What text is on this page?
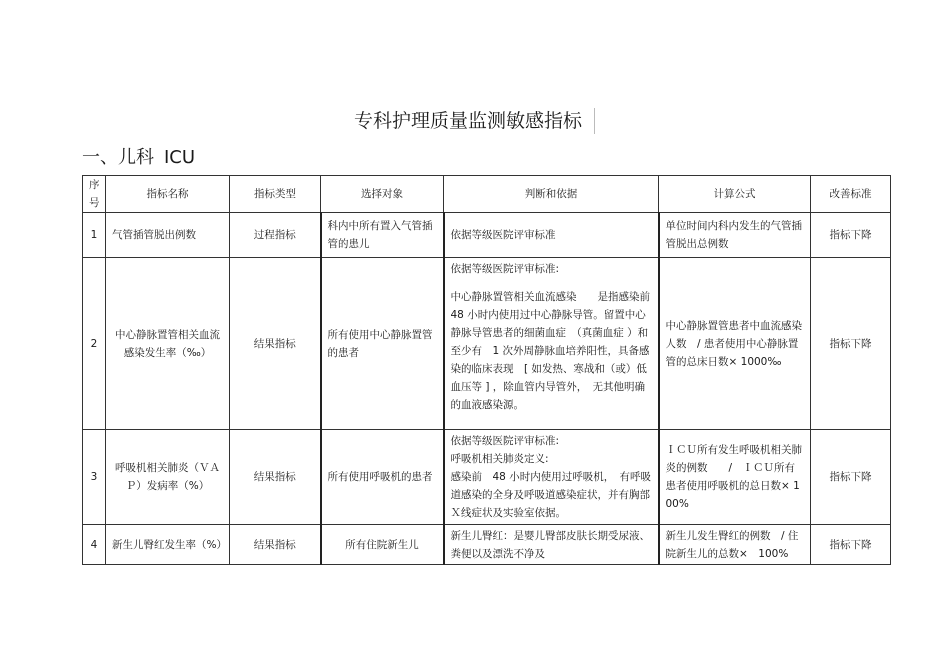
专科护理质量监测敏感指标
一、儿科 ICU
序号	指标名称	指标类型	选择对象	判断和依据	计算公式	改善标准
1	气管插管脱出例数	过程指标	科内中所有置入气管插管的患儿	依据等级医院评审标准	单位时间内科内发生的气管插管脱出总例数	指标下降
2	中心静脉置管相关血流感染发生率（‰）	结果指标	所有使用中心静脉置管的患者	依据等级医院评审标准:

中心静脉置管相关血流感染　　是指感染前 48 小时内使用过中心静脉导管。留置中心静脉导管患者的细菌血症　（真菌血症 ）和至少有　1 次外周静脉血培养阳性，具备感染的临床表现　[ 如发热、寒战和（或）低血压等 ] ，除血管内导管外，　无其他明确的血液感染源。	中心静脉置管患者中血流感染人数　/ 患者使用中心静脉置管的总床日数× 1000‰	指标下降
3	呼吸机相关肺炎（ＶＡＰ）发病率（%）	结果指标	所有使用呼吸机的患者	依据等级医院评审标准:

呼吸机相关肺炎定义:

感染前　48 小时内使用过呼吸机，　有呼吸道感染的全身及呼吸道感染症状，并有胸部Ｘ线症状及实验室依据。	ＩＣＵ所有发生呼吸机相关肺炎的例数　　/　ＩＣＵ所有患者使用呼吸机的总日数× 100%	指标下降
4	新生儿臀红发生率（%）	结果指标	所有住院新生儿	新生儿臀红：是婴儿臀部皮肤长期受尿液、粪便以及漂洗不净及	新生儿发生臀红的例数　/ 住院新生儿的总数×　100%	指标下降
